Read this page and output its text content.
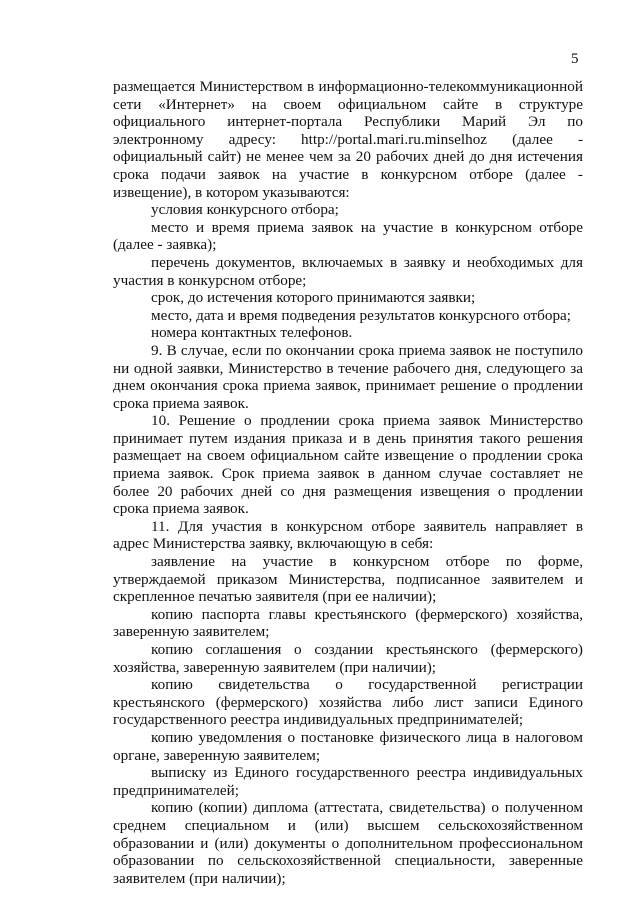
5

размещается Министерством в информационно-телекоммуникационной сети «Интернет» на своем официальном сайте в структуре официального интернет-портала Республики Марий Эл по электронному адресу: http://portal.mari.ru.minselhoz (далее - официальный сайт) не менее чем за 20 рабочих дней до дня истечения срока подачи заявок на участие в конкурсном отборе (далее - извещение), в котором указываются:

условия конкурсного отбора;

место и время приема заявок на участие в конкурсном отборе (далее - заявка);

перечень документов, включаемых в заявку и необходимых для участия в конкурсном отборе;

срок, до истечения которого принимаются заявки;

место, дата и время подведения результатов конкурсного отбора;

номера контактных телефонов.

9. В случае, если по окончании срока приема заявок не поступило ни одной заявки, Министерство в течение рабочего дня, следующего за днем окончания срока приема заявок, принимает решение о продлении срока приема заявок.

10. Решение о продлении срока приема заявок Министерство принимает путем издания приказа и в день принятия такого решения размещает на своем официальном сайте извещение о продлении срока приема заявок. Срок приема заявок в данном случае составляет не более 20 рабочих дней со дня размещения извещения о продлении срока приема заявок.

11. Для участия в конкурсном отборе заявитель направляет в адрес Министерства заявку, включающую в себя:

заявление на участие в конкурсном отборе по форме, утверждаемой приказом Министерства, подписанное заявителем и скрепленное печатью заявителя (при ее наличии);

копию паспорта главы крестьянского (фермерского) хозяйства, заверенную заявителем;

копию соглашения о создании крестьянского (фермерского) хозяйства, заверенную заявителем (при наличии);

копию свидетельства о государственной регистрации крестьянского (фермерского) хозяйства либо лист записи Единого государственного реестра индивидуальных предпринимателей;

копию уведомления о постановке физического лица в налоговом органе, заверенную заявителем;

выписку из Единого государственного реестра индивидуальных предпринимателей;

копию (копии) диплома (аттестата, свидетельства) о полученном среднем специальном и (или) высшем сельскохозяйственном образовании и (или) документы о дополнительном профессиональном образовании по сельскохозяйственной специальности, заверенные заявителем (при наличии);
